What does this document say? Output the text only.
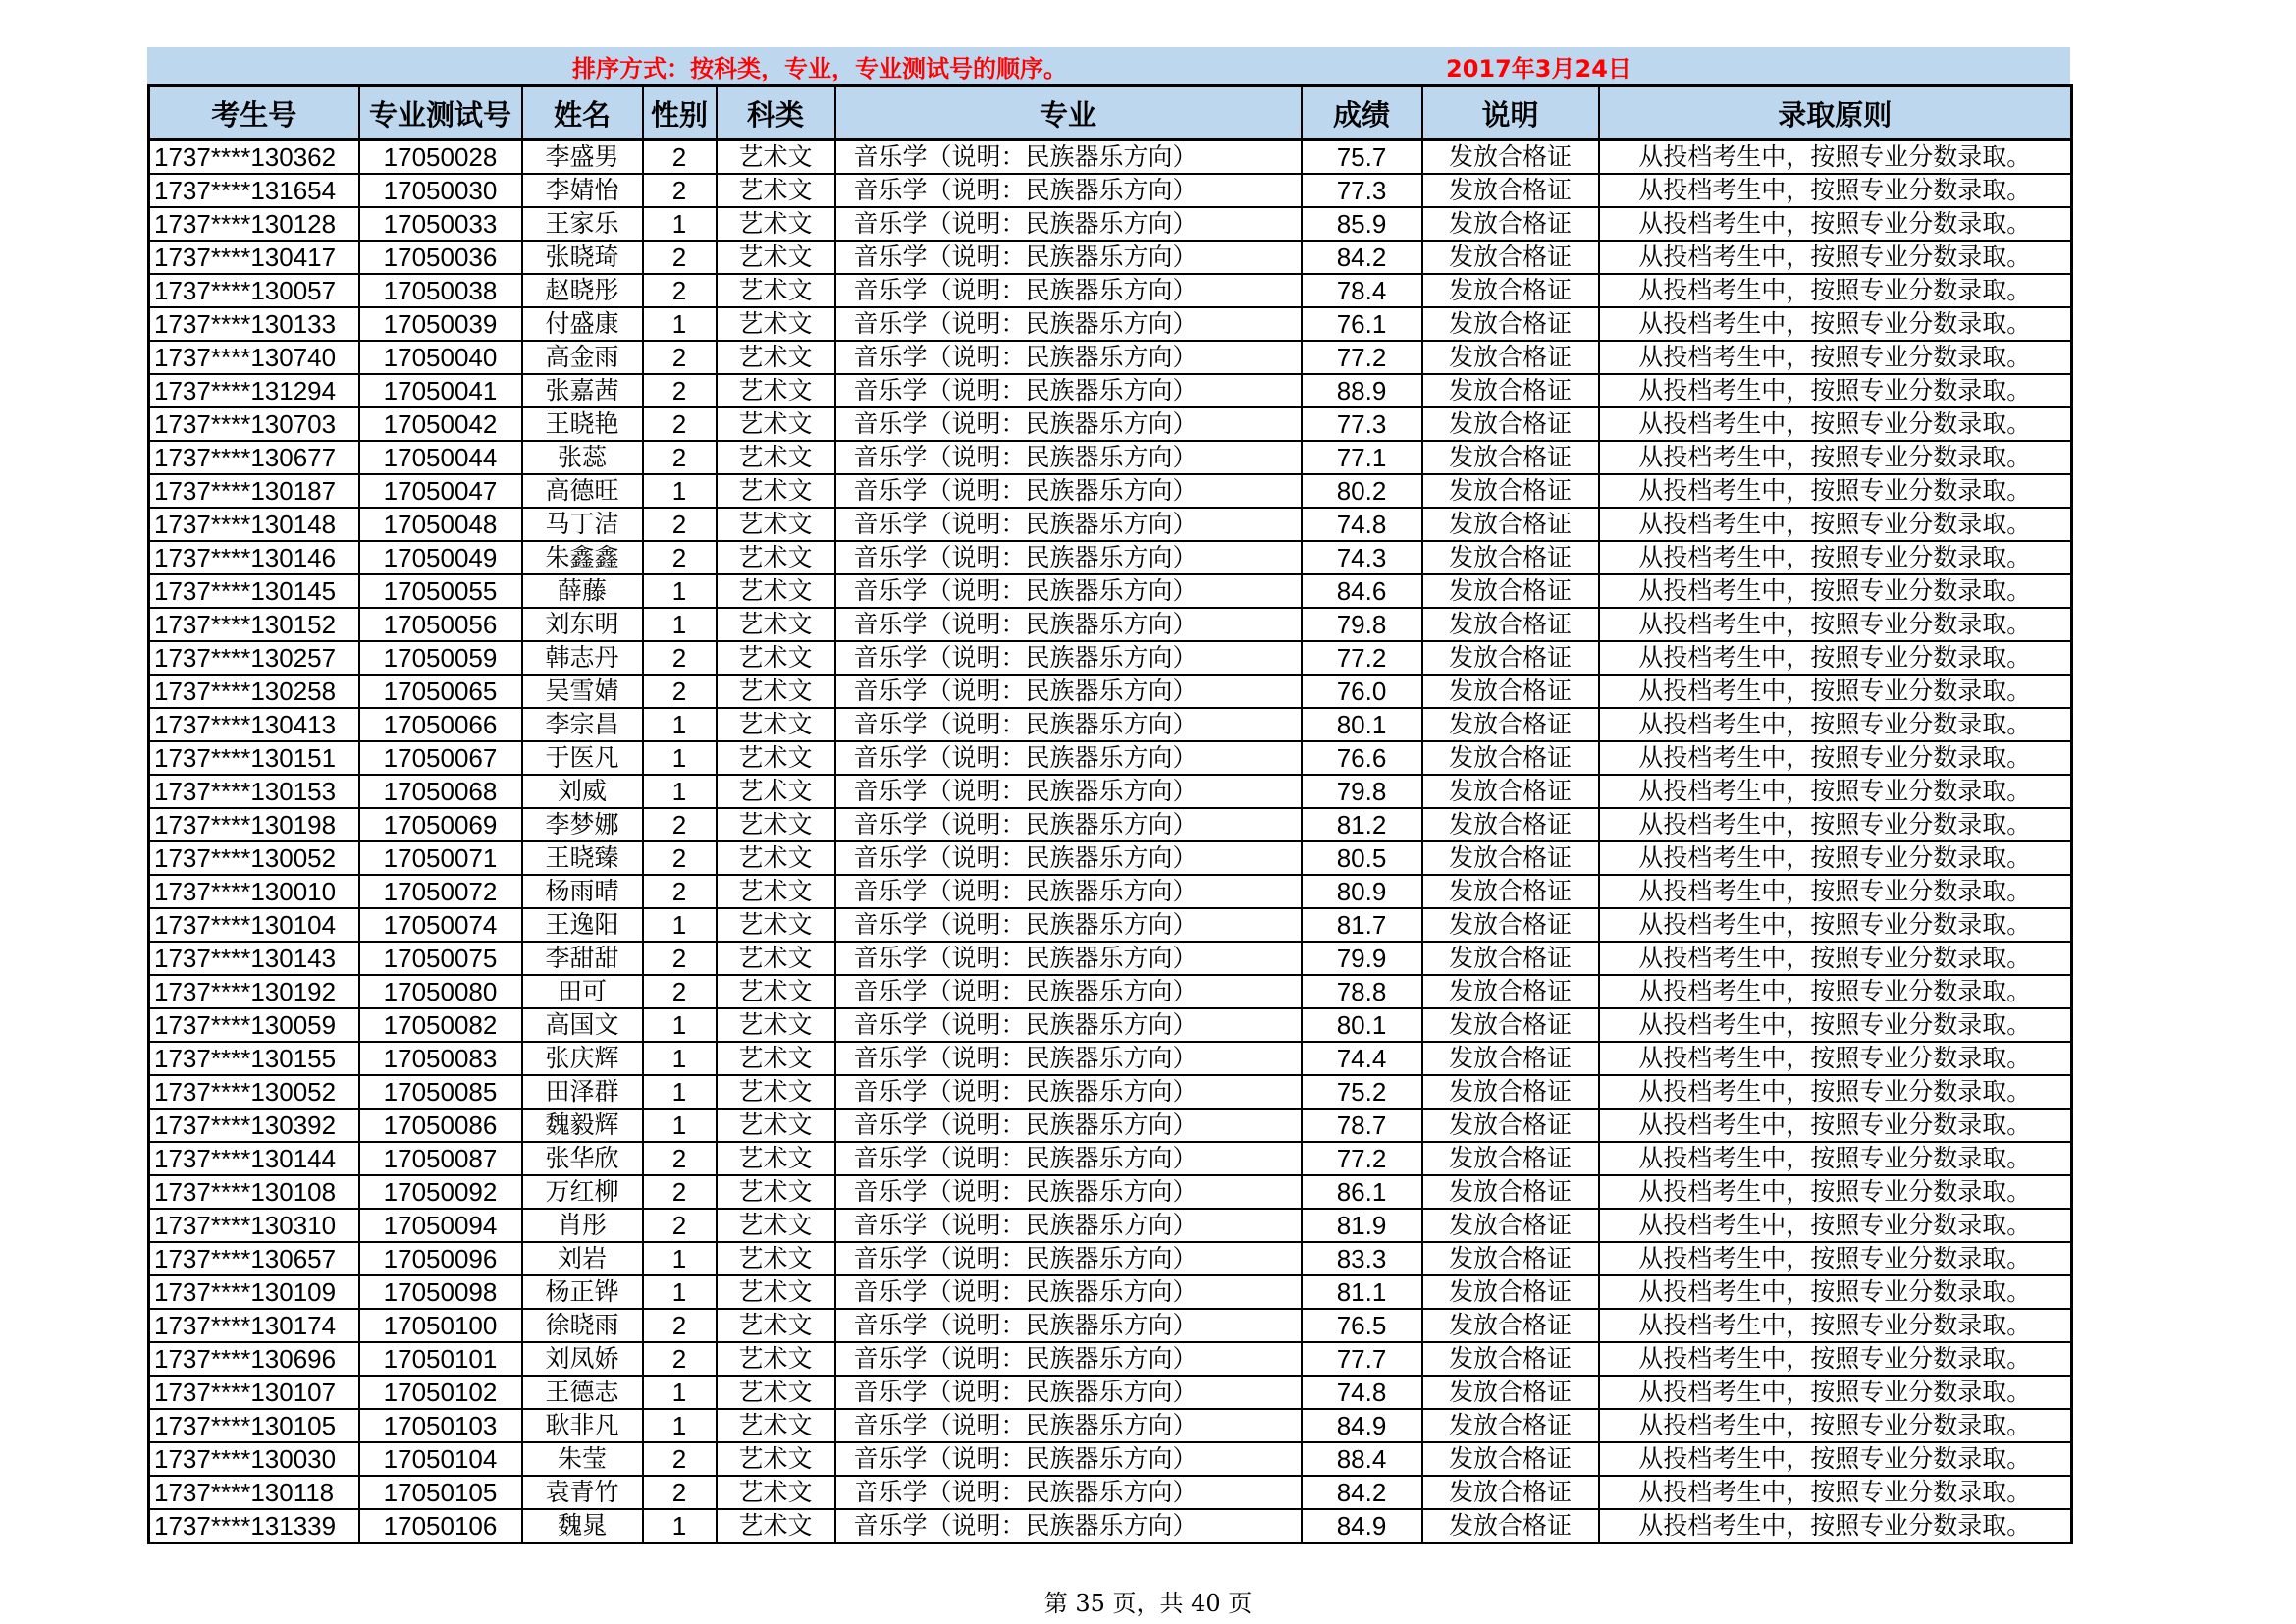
排序方式：按科类，专业，专业测试号的顺序。	2017年3月24日
考生号	专业测试号	姓名	性别	科类	专业	成绩	说明	录取原则
1737****130362	17050028	李盛男	2	艺术文	音乐学（说明：民族器乐方向）	75.7	发放合格证	从投档考生中，按照专业分数录取。
1737****131654	17050030	李婧怡	2	艺术文	音乐学（说明：民族器乐方向）	77.3	发放合格证	从投档考生中，按照专业分数录取。
1737****130128	17050033	王家乐	1	艺术文	音乐学（说明：民族器乐方向）	85.9	发放合格证	从投档考生中，按照专业分数录取。
1737****130417	17050036	张晓琦	2	艺术文	音乐学（说明：民族器乐方向）	84.2	发放合格证	从投档考生中，按照专业分数录取。
1737****130057	17050038	赵晓彤	2	艺术文	音乐学（说明：民族器乐方向）	78.4	发放合格证	从投档考生中，按照专业分数录取。
1737****130133	17050039	付盛康	1	艺术文	音乐学（说明：民族器乐方向）	76.1	发放合格证	从投档考生中，按照专业分数录取。
1737****130740	17050040	高金雨	2	艺术文	音乐学（说明：民族器乐方向）	77.2	发放合格证	从投档考生中，按照专业分数录取。
1737****131294	17050041	张嘉茜	2	艺术文	音乐学（说明：民族器乐方向）	88.9	发放合格证	从投档考生中，按照专业分数录取。
1737****130703	17050042	王晓艳	2	艺术文	音乐学（说明：民族器乐方向）	77.3	发放合格证	从投档考生中，按照专业分数录取。
1737****130677	17050044	张蕊	2	艺术文	音乐学（说明：民族器乐方向）	77.1	发放合格证	从投档考生中，按照专业分数录取。
1737****130187	17050047	高德旺	1	艺术文	音乐学（说明：民族器乐方向）	80.2	发放合格证	从投档考生中，按照专业分数录取。
1737****130148	17050048	马丁洁	2	艺术文	音乐学（说明：民族器乐方向）	74.8	发放合格证	从投档考生中，按照专业分数录取。
1737****130146	17050049	朱鑫鑫	2	艺术文	音乐学（说明：民族器乐方向）	74.3	发放合格证	从投档考生中，按照专业分数录取。
1737****130145	17050055	薛藤	1	艺术文	音乐学（说明：民族器乐方向）	84.6	发放合格证	从投档考生中，按照专业分数录取。
1737****130152	17050056	刘东明	1	艺术文	音乐学（说明：民族器乐方向）	79.8	发放合格证	从投档考生中，按照专业分数录取。
1737****130257	17050059	韩志丹	2	艺术文	音乐学（说明：民族器乐方向）	77.2	发放合格证	从投档考生中，按照专业分数录取。
1737****130258	17050065	吴雪婧	2	艺术文	音乐学（说明：民族器乐方向）	76.0	发放合格证	从投档考生中，按照专业分数录取。
1737****130413	17050066	李宗昌	1	艺术文	音乐学（说明：民族器乐方向）	80.1	发放合格证	从投档考生中，按照专业分数录取。
1737****130151	17050067	于医凡	1	艺术文	音乐学（说明：民族器乐方向）	76.6	发放合格证	从投档考生中，按照专业分数录取。
1737****130153	17050068	刘威	1	艺术文	音乐学（说明：民族器乐方向）	79.8	发放合格证	从投档考生中，按照专业分数录取。
1737****130198	17050069	李梦娜	2	艺术文	音乐学（说明：民族器乐方向）	81.2	发放合格证	从投档考生中，按照专业分数录取。
1737****130052	17050071	王晓臻	2	艺术文	音乐学（说明：民族器乐方向）	80.5	发放合格证	从投档考生中，按照专业分数录取。
1737****130010	17050072	杨雨晴	2	艺术文	音乐学（说明：民族器乐方向）	80.9	发放合格证	从投档考生中，按照专业分数录取。
1737****130104	17050074	王逸阳	1	艺术文	音乐学（说明：民族器乐方向）	81.7	发放合格证	从投档考生中，按照专业分数录取。
1737****130143	17050075	李甜甜	2	艺术文	音乐学（说明：民族器乐方向）	79.9	发放合格证	从投档考生中，按照专业分数录取。
1737****130192	17050080	田可	2	艺术文	音乐学（说明：民族器乐方向）	78.8	发放合格证	从投档考生中，按照专业分数录取。
1737****130059	17050082	高国文	1	艺术文	音乐学（说明：民族器乐方向）	80.1	发放合格证	从投档考生中，按照专业分数录取。
1737****130155	17050083	张庆辉	1	艺术文	音乐学（说明：民族器乐方向）	74.4	发放合格证	从投档考生中，按照专业分数录取。
1737****130052	17050085	田泽群	1	艺术文	音乐学（说明：民族器乐方向）	75.2	发放合格证	从投档考生中，按照专业分数录取。
1737****130392	17050086	魏毅辉	1	艺术文	音乐学（说明：民族器乐方向）	78.7	发放合格证	从投档考生中，按照专业分数录取。
1737****130144	17050087	张华欣	2	艺术文	音乐学（说明：民族器乐方向）	77.2	发放合格证	从投档考生中，按照专业分数录取。
1737****130108	17050092	万红柳	2	艺术文	音乐学（说明：民族器乐方向）	86.1	发放合格证	从投档考生中，按照专业分数录取。
1737****130310	17050094	肖彤	2	艺术文	音乐学（说明：民族器乐方向）	81.9	发放合格证	从投档考生中，按照专业分数录取。
1737****130657	17050096	刘岩	1	艺术文	音乐学（说明：民族器乐方向）	83.3	发放合格证	从投档考生中，按照专业分数录取。
1737****130109	17050098	杨正铧	1	艺术文	音乐学（说明：民族器乐方向）	81.1	发放合格证	从投档考生中，按照专业分数录取。
1737****130174	17050100	徐晓雨	2	艺术文	音乐学（说明：民族器乐方向）	76.5	发放合格证	从投档考生中，按照专业分数录取。
1737****130696	17050101	刘凤娇	2	艺术文	音乐学（说明：民族器乐方向）	77.7	发放合格证	从投档考生中，按照专业分数录取。
1737****130107	17050102	王德志	1	艺术文	音乐学（说明：民族器乐方向）	74.8	发放合格证	从投档考生中，按照专业分数录取。
1737****130105	17050103	耿非凡	1	艺术文	音乐学（说明：民族器乐方向）	84.9	发放合格证	从投档考生中，按照专业分数录取。
1737****130030	17050104	朱莹	2	艺术文	音乐学（说明：民族器乐方向）	88.4	发放合格证	从投档考生中，按照专业分数录取。
1737****130118	17050105	袁青竹	2	艺术文	音乐学（说明：民族器乐方向）	84.2	发放合格证	从投档考生中，按照专业分数录取。
1737****131339	17050106	魏晁	1	艺术文	音乐学（说明：民族器乐方向）	84.9	发放合格证	从投档考生中，按照专业分数录取。
第 35 页，共 40 页
